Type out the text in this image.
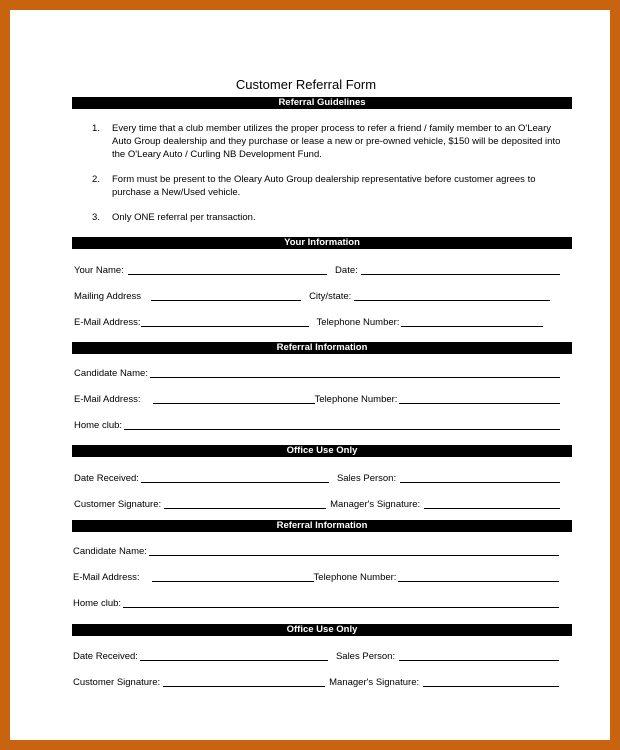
Customer Referral Form
Referral Guidelines
1.	Every time that a club member utilizes the proper process to refer a friend / family member to an O'Leary Auto Group dealership and they purchase or lease a new or pre-owned vehicle, $150 will be deposited into the O'Leary Auto / Curling NB Development Fund.
2.	Form must be present to the Oleary Auto Group dealership representative before customer agrees to purchase a New/Used vehicle.
3.	Only ONE referral per transaction.
Your Information
Your Name:	Date:
Mailing Address	City/state:
E-Mail Address:	Telephone Number:
Referral Information
Candidate Name:
E-Mail Address:	Telephone Number:
Home club:
Office Use Only
Date Received:	Sales Person:
Customer Signature:	Manager's Signature:
Referral Information
Candidate Name:
E-Mail Address:	Telephone Number:
Home club:
Office Use Only
Date Received:	Sales Person:
Customer Signature:	Manager's Signature:
